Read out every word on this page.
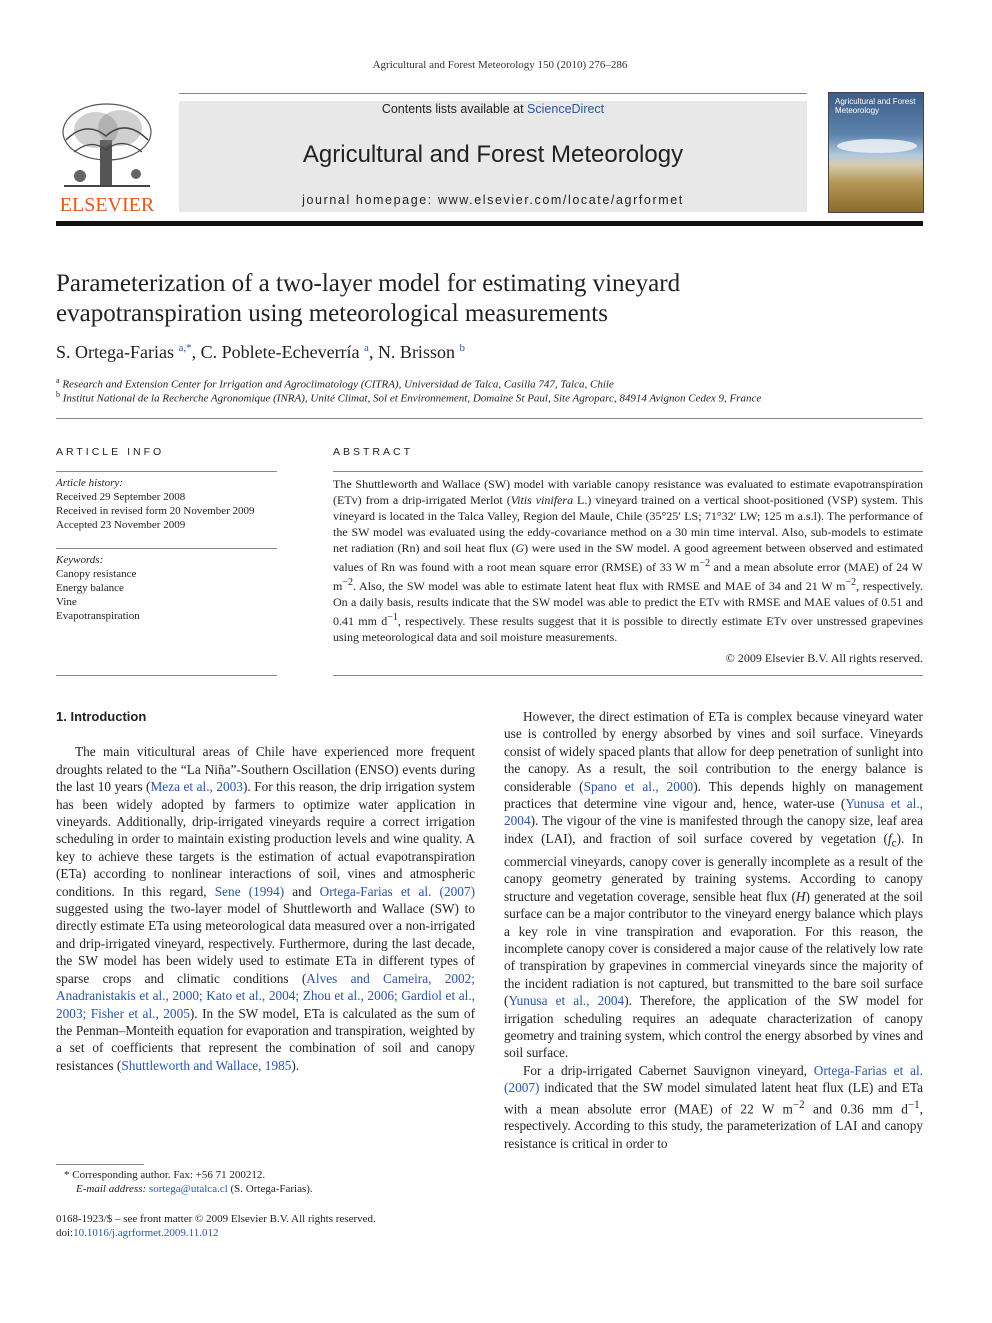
Agricultural and Forest Meteorology 150 (2010) 276–286
ELSEVIER
Contents lists available at ScienceDirect
Agricultural and Forest Meteorology
journal homepage: www.elsevier.com/locate/agrformet
Agricultural and Forest Meteorology
Parameterization of a two-layer model for estimating vineyard
evapotranspiration using meteorological measurements
S. Ortega-Farias $^{a,*}$, C. Poblete-Echeverría $^a$, N. Brisson $^b$
$^a$ Research and Extension Center for Irrigation and Agroclimatology (CITRA), Universidad de Talca, Casilla 747, Talca, Chile
$^b$ Institut National de la Recherche Agronomique (INRA), Unité Climat, Sol et Environnement, Domaine St Paul, Site Agroparc, 84914 Avignon Cedex 9, France
ARTICLE INFO
Article history:
Received 29 September 2008
Received in revised form 20 November 2009
Accepted 23 November 2009
Keywords:
Canopy resistance
Energy balance
Vine
Evapotranspiration
ABSTRACT
The Shuttleworth and Wallace (SW) model with variable canopy resistance was evaluated to estimate evapotranspiration (ETv) from a drip-irrigated Merlot (Vitis vinifera L.) vineyard trained on a vertical shoot-positioned (VSP) system. This vineyard is located in the Talca Valley, Region del Maule, Chile (35°25′ LS; 71°32′ LW; 125 m a.s.l). The performance of the SW model was evaluated using the eddy-covariance method on a 30 min time interval. Also, sub-models to estimate net radiation (Rn) and soil heat flux (G) were used in the SW model. A good agreement between observed and estimated values of Rn was found with a root mean square error (RMSE) of 33 W $m^{-2}$ and a mean absolute error (MAE) of 24 W $m^{-2}$. Also, the SW model was able to estimate latent heat flux with RMSE and MAE of 34 and 21 W $m^{-2}$, respectively. On a daily basis, results indicate that the SW model was able to predict the ETv with RMSE and MAE values of 0.51 and 0.41 mm $d^{-1}$, respectively. These results suggest that it is possible to directly estimate ETv over unstressed grapevines using meteorological data and soil moisture measurements.
© 2009 Elsevier B.V. All rights reserved.
1. Introduction

The main viticultural areas of Chile have experienced more frequent droughts related to the “La Niña”-Southern Oscillation (ENSO) events during the last 10 years (Meza et al., 2003). For this reason, the drip irrigation system has been widely adopted by farmers to optimize water application in vineyards. Additionally, drip-irrigated vineyards require a correct irrigation scheduling in order to maintain existing production levels and wine quality. A key to achieve these targets is the estimation of actual evapotranspiration (ETa) according to nonlinear interactions of soil, vines and atmospheric conditions. In this regard, Sene (1994) and Ortega-Farias et al. (2007) suggested using the two-layer model of Shuttleworth and Wallace (SW) to directly estimate ETa using meteorological data measured over a non-irrigated and drip-irrigated vineyard, respectively. Furthermore, during the last decade, the SW model has been widely used to estimate ETa in different types of sparse crops and climatic conditions (Alves and Cameira, 2002; Anadranistakis et al., 2000; Kato et al., 2004; Zhou et al., 2006; Gardiol et al., 2003; Fisher et al., 2005). In the SW model, ETa is calculated as the sum of the Penman–Monteith equation for evaporation and transpiration, weighted by a set of coefficients that represent the combination of soil and canopy resistances (Shuttleworth and Wallace, 1985).

However, the direct estimation of ETa is complex because vineyard water use is controlled by energy absorbed by vines and soil surface. Vineyards consist of widely spaced plants that allow for deep penetration of sunlight into the canopy. As a result, the soil contribution to the energy balance is considerable (Spano et al., 2000). This depends highly on management practices that determine vine vigour and, hence, water-use (Yunusa et al., 2004). The vigour of the vine is manifested through the canopy size, leaf area index (LAI), and fraction of soil surface covered by vegetation $(f_c)$. In commercial vineyards, canopy cover is generally incomplete as a result of the canopy geometry generated by training systems. According to canopy structure and vegetation coverage, sensible heat flux (H) generated at the soil surface can be a major contributor to the vineyard energy balance which plays a key role in vine transpiration and evaporation. For this reason, the incomplete canopy cover is considered a major cause of the relatively low rate of transpiration by grapevines in commercial vineyards since the majority of the incident radiation is not captured, but transmitted to the bare soil surface (Yunusa et al., 2004). Therefore, the application of the SW model for irrigation scheduling requires an adequate characterization of canopy geometry and training system, which control the energy absorbed by vines and soil surface.

For a drip-irrigated Cabernet Sauvignon vineyard, Ortega-Farias et al. (2007) indicated that the SW model simulated latent heat flux (LE) and ETa with a mean absolute error (MAE) of 22 W $m^{-2}$ and 0.36 mm $d^{-1}$, respectively. According to this study, the parameterization of LAI and canopy resistance is critical in order to

* Corresponding author. Fax: +56 71 200212.
E-mail address: sortega@utalca.cl (S. Ortega-Farias).
0168-1923/$ – see front matter © 2009 Elsevier B.V. All rights reserved.
doi:10.1016/j.agrformet.2009.11.012
